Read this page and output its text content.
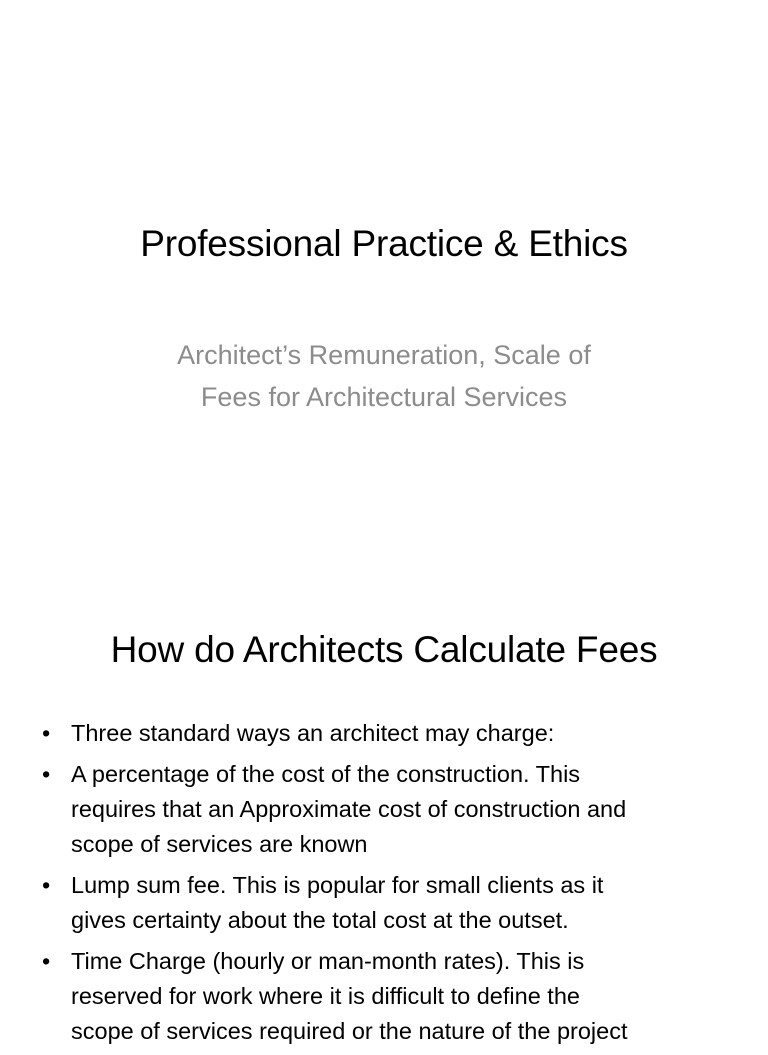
Professional Practice & Ethics
Architect’s Remuneration, Scale of
Fees for Architectural Services
How do Architects Calculate Fees
• Three standard ways an architect may charge:
• A percentage of the cost of the construction. This
requires that an Approximate cost of construction and
scope of services are known
• Lump sum fee. This is popular for small clients as it
gives certainty about the total cost at the outset.
• Time Charge (hourly or man-month rates). This is
reserved for work where it is difficult to define the
scope of services required or the nature of the project
